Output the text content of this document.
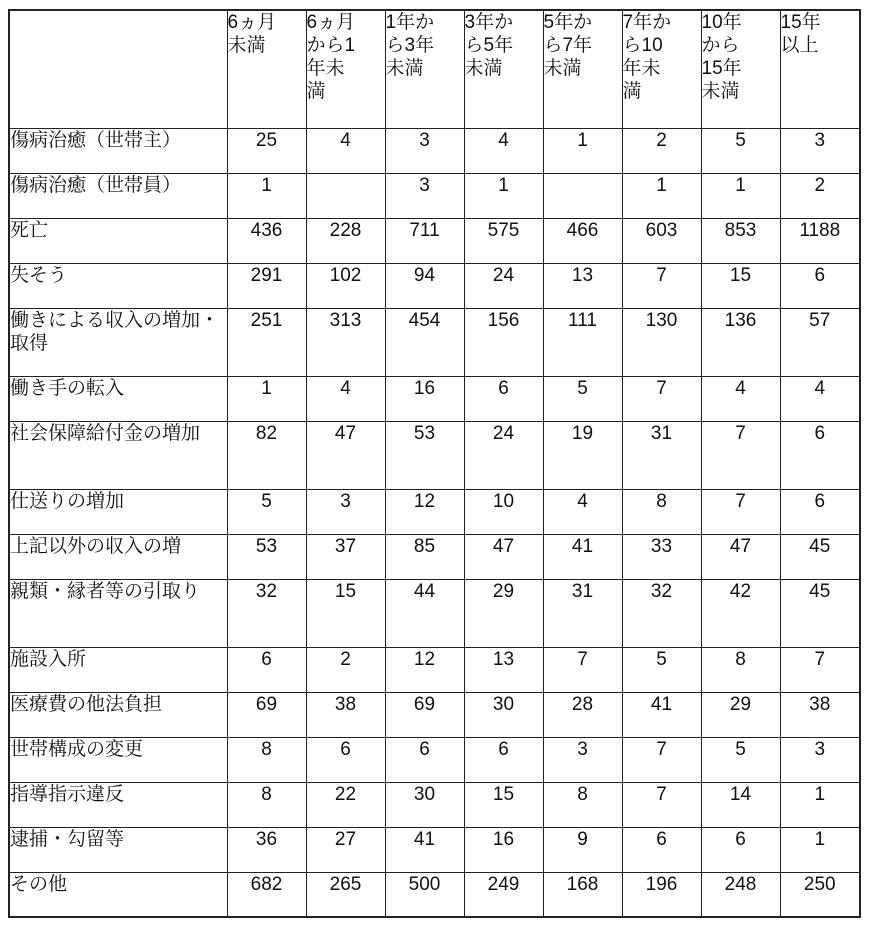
	6ヵ月
未満	6ヵ月
から1
年未
満	1年か
ら3年
未満	3年か
ら5年
未満	5年か
ら7年
未満	7年か
ら10
年未
満	10年
から
15年
未満	15年
以上

傷病治癒（世帯主）	25	4	3	4	1	2	5	3
傷病治癒（世帯員）	1		3	1		1	1	2
死亡	436	228	711	575	466	603	853	1188
失そう	291	102	94	24	13	7	15	6
働きによる収入の増加・取得	251	313	454	156	111	130	136	57
働き手の転入	1	4	16	6	5	7	4	4
社会保障給付金の増加	82	47	53	24	19	31	7	6
仕送りの増加	5	3	12	10	4	8	7	6
上記以外の収入の増	53	37	85	47	41	33	47	45
親類・縁者等の引取り	32	15	44	29	31	32	42	45
施設入所	6	2	12	13	7	5	8	7
医療費の他法負担	69	38	69	30	28	41	29	38
世帯構成の変更	8	6	6	6	3	7	5	3
指導指示違反	8	22	30	15	8	7	14	1
逮捕・勾留等	36	27	41	16	9	6	6	1
その他	682	265	500	249	168	196	248	250
